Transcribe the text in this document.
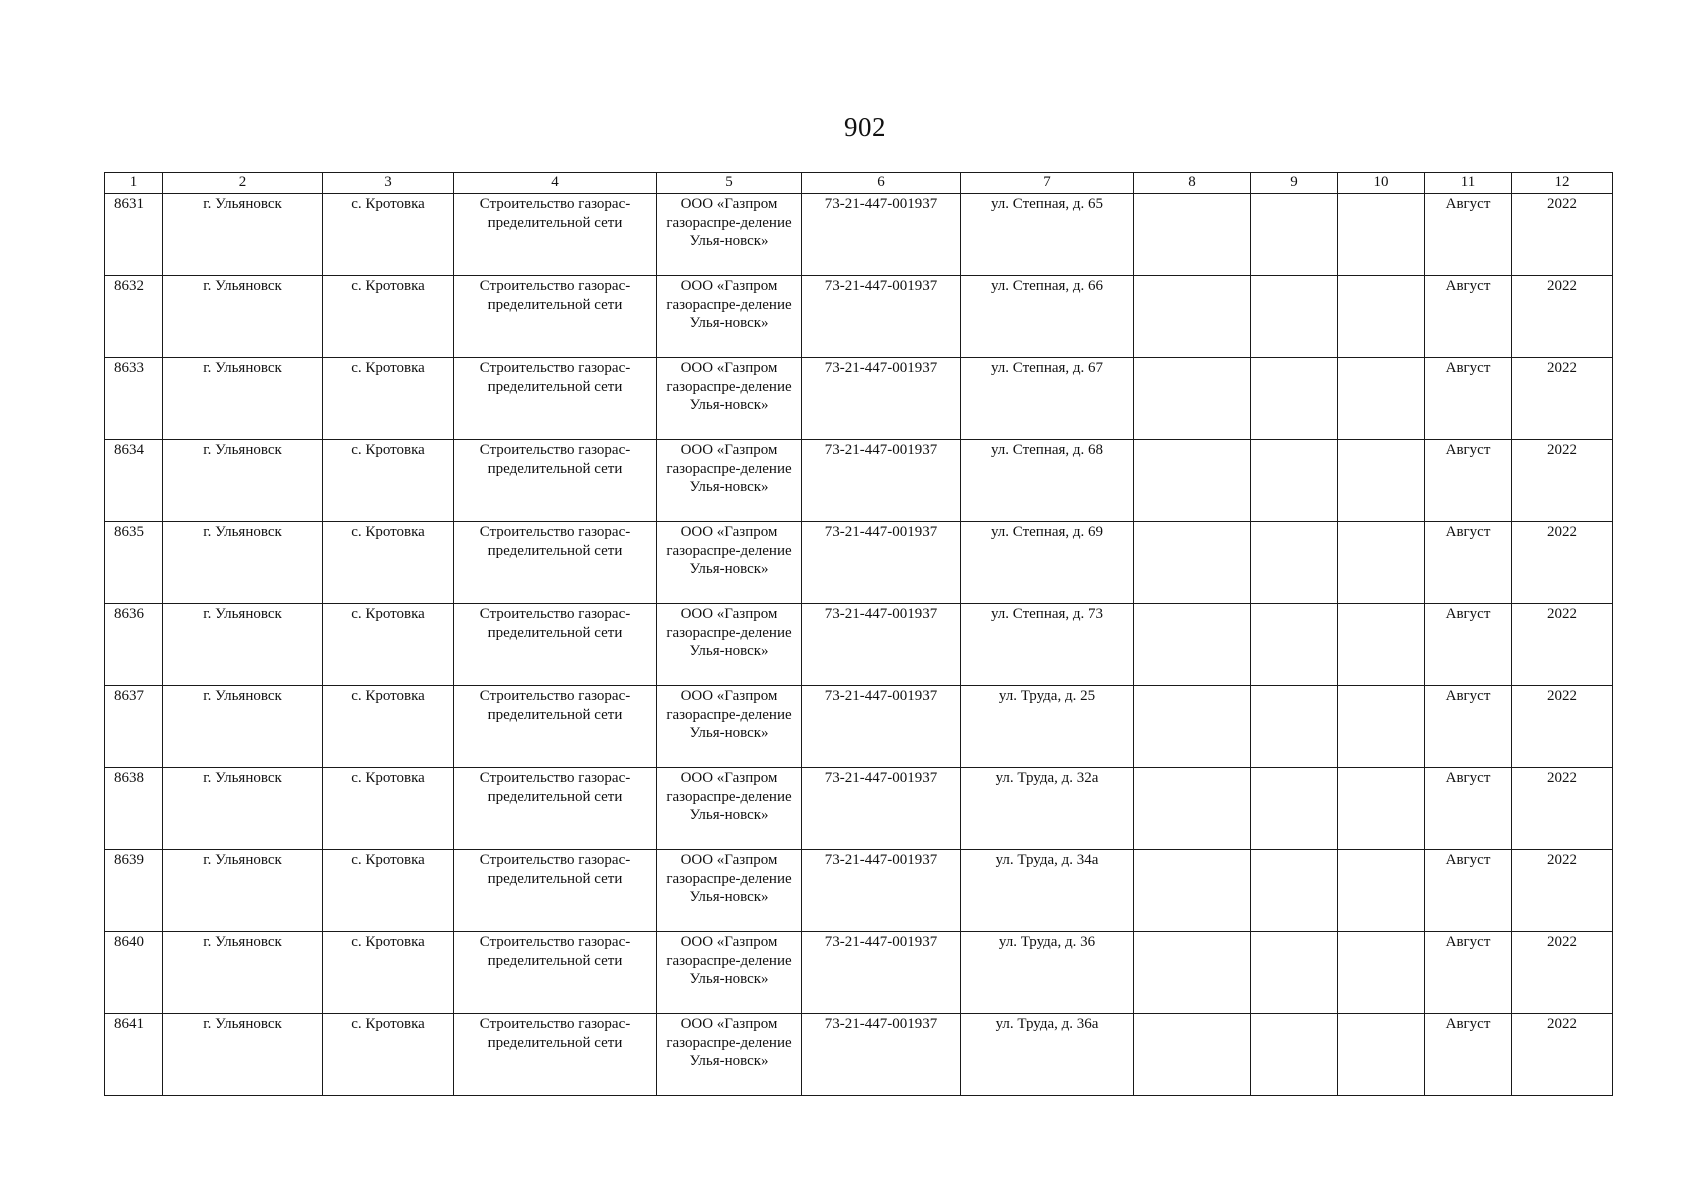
902
1	2	3	4	5	6	7	8	9	10	11	12
8631	г. Ульяновск	с. Кротовка	Строительство газорас-пределительной сети	ООО «Газпром газораспре-деление Улья-новск»	73-21-447-001937	ул. Степная, д. 65				Август	2022
8632	г. Ульяновск	с. Кротовка	Строительство газорас-пределительной сети	ООО «Газпром газораспре-деление Улья-новск»	73-21-447-001937	ул. Степная, д. 66				Август	2022
8633	г. Ульяновск	с. Кротовка	Строительство газорас-пределительной сети	ООО «Газпром газораспре-деление Улья-новск»	73-21-447-001937	ул. Степная, д. 67				Август	2022
8634	г. Ульяновск	с. Кротовка	Строительство газорас-пределительной сети	ООО «Газпром газораспре-деление Улья-новск»	73-21-447-001937	ул. Степная, д. 68				Август	2022
8635	г. Ульяновск	с. Кротовка	Строительство газорас-пределительной сети	ООО «Газпром газораспре-деление Улья-новск»	73-21-447-001937	ул. Степная, д. 69				Август	2022
8636	г. Ульяновск	с. Кротовка	Строительство газорас-пределительной сети	ООО «Газпром газораспре-деление Улья-новск»	73-21-447-001937	ул. Степная, д. 73				Август	2022
8637	г. Ульяновск	с. Кротовка	Строительство газорас-пределительной сети	ООО «Газпром газораспре-деление Улья-новск»	73-21-447-001937	ул. Труда, д. 25				Август	2022
8638	г. Ульяновск	с. Кротовка	Строительство газорас-пределительной сети	ООО «Газпром газораспре-деление Улья-новск»	73-21-447-001937	ул. Труда, д. 32а				Август	2022
8639	г. Ульяновск	с. Кротовка	Строительство газорас-пределительной сети	ООО «Газпром газораспре-деление Улья-новск»	73-21-447-001937	ул. Труда, д. 34а				Август	2022
8640	г. Ульяновск	с. Кротовка	Строительство газорас-пределительной сети	ООО «Газпром газораспре-деление Улья-новск»	73-21-447-001937	ул. Труда, д. 36				Август	2022
8641	г. Ульяновск	с. Кротовка	Строительство газорас-пределительной сети	ООО «Газпром газораспре-деление Улья-новск»	73-21-447-001937	ул. Труда, д. 36а				Август	2022
